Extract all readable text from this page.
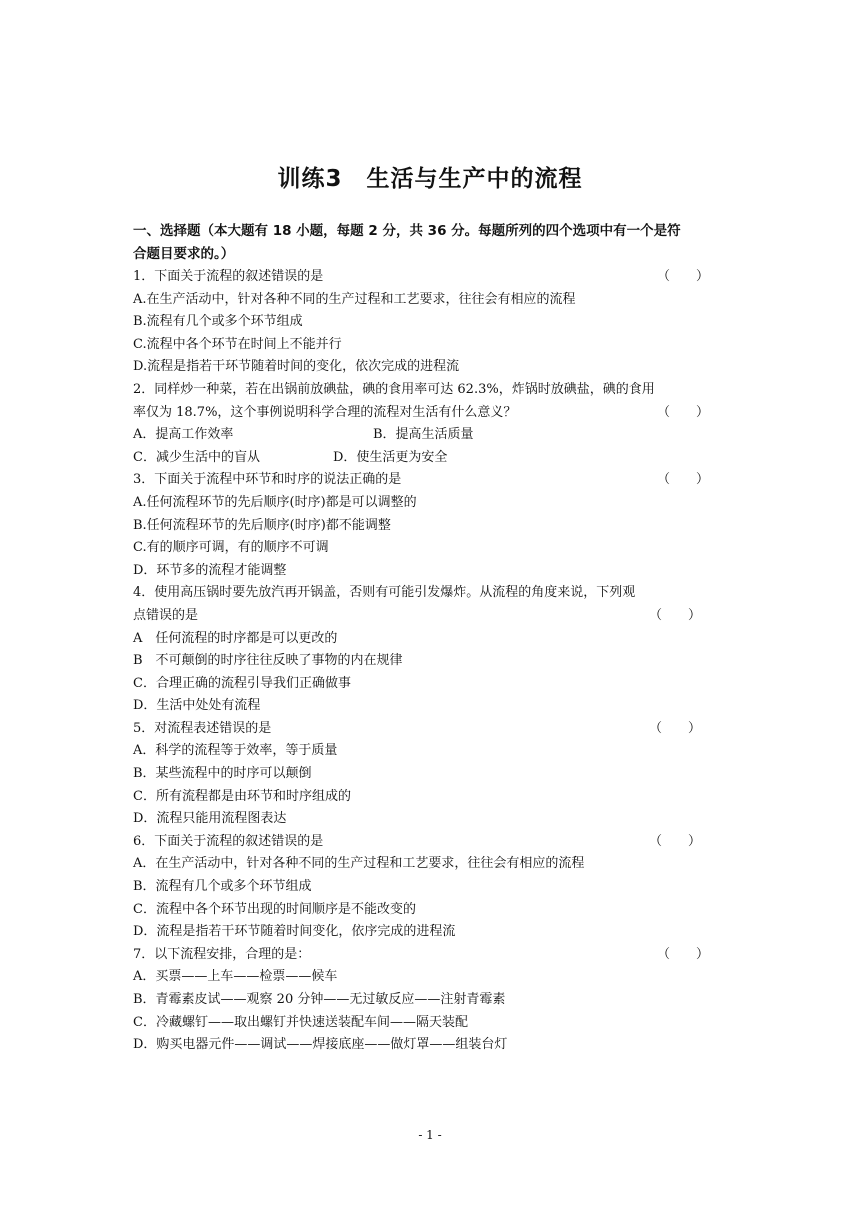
训练3　生活与生产中的流程
一、选择题（本大题有 18 小题，每题 2 分，共 36 分。每题所列的四个选项中有一个是符
合题目要求的。）
1．下面关于流程的叙述错误的是	（　　）
A.在生产活动中，针对各种不同的生产过程和工艺要求，往往会有相应的流程
B.流程有几个或多个环节组成
C.流程中各个环节在时间上不能并行
D.流程是指若干环节随着时间的变化，依次完成的进程流
2．同样炒一种菜，若在出锅前放碘盐，碘的食用率可达 62.3%，炸锅时放碘盐，碘的食用
率仅为 18.7%，这个事例说明科学合理的流程对生活有什么意义？	（　　）
A．提高工作效率	B．提高生活质量
C．减少生活中的盲从	D．使生活更为安全
3．下面关于流程中环节和时序的说法正确的是	（　　）
A.任何流程环节的先后顺序(时序)都是可以调整的
B.任何流程环节的先后顺序(时序)都不能调整
C.有的顺序可调，有的顺序不可调
D．环节多的流程才能调整
4．使用高压锅时要先放汽再开锅盖，否则有可能引发爆炸。从流程的角度来说，下列观
点错误的是	（　　）
A　任何流程的时序都是可以更改的
B　不可颠倒的时序往往反映了事物的内在规律
C．合理正确的流程引导我们正确做事
D．生活中处处有流程
5．对流程表述错误的是	（　　）
A．科学的流程等于效率，等于质量
B．某些流程中的时序可以颠倒
C．所有流程都是由环节和时序组成的
D．流程只能用流程图表达
6．下面关于流程的叙述错误的是	（　　）
A．在生产活动中，针对各种不同的生产过程和工艺要求，往往会有相应的流程
B．流程有几个或多个环节组成
C．流程中各个环节出现的时间顺序是不能改变的
D．流程是指若干环节随着时间变化，依序完成的进程流
7．以下流程安排，合理的是：	（　　）
A．买票——上车——检票——候车
B．青霉素皮试——观察 20 分钟——无过敏反应——注射青霉素
C．冷藏螺钉——取出螺钉并快速送装配车间——隔天装配
D．购买电器元件——调试——焊接底座——做灯罩——组装台灯
- 1 -
